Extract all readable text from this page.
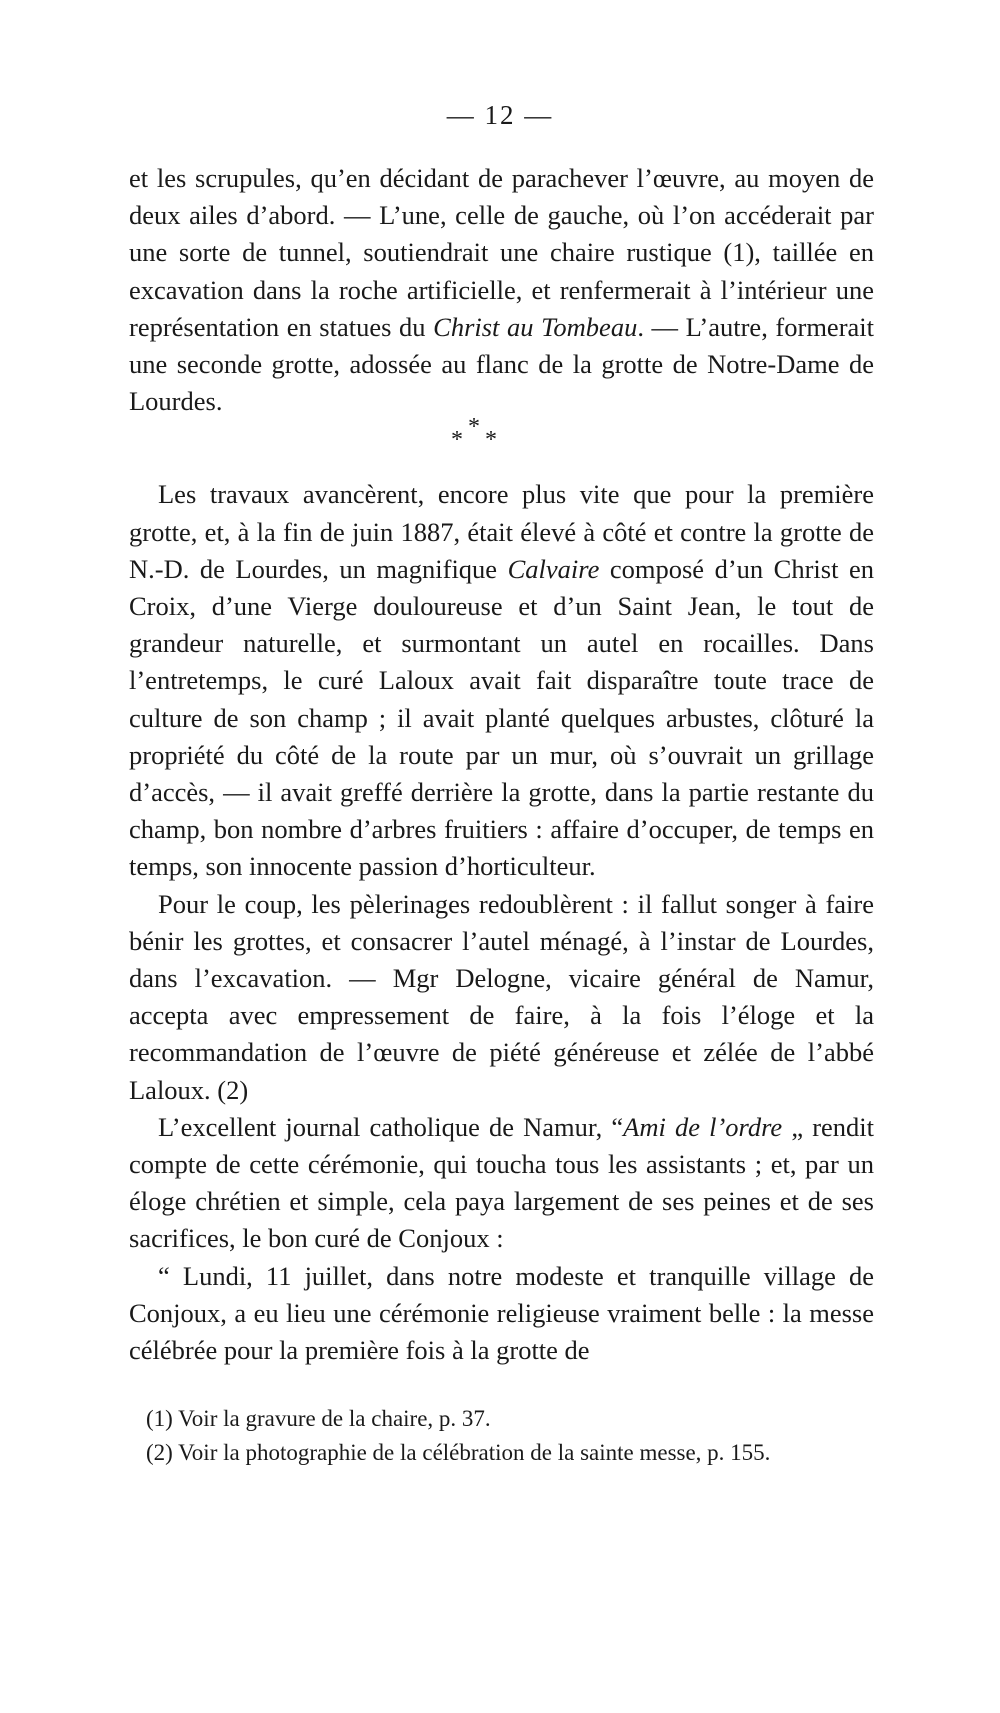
— 12 —

et les scrupules, qu’en décidant de parachever l’œuvre, au moyen de deux ailes d’abord. — L’une, celle de gauche, où l’on accéderait par une sorte de tunnel, soutiendrait une chaire rustique (1), taillée en excavation dans la roche artificielle, et renfermerait à l’intérieur une représentation en statues du Christ au Tombeau. — L’autre, formerait une seconde grotte, adossée au flanc de la grotte de Notre-Dame de Lourdes.

* * *

Les travaux avancèrent, encore plus vite que pour la première grotte, et, à la fin de juin 1887, était élevé à côté et contre la grotte de N.-D. de Lourdes, un magnifique Calvaire composé d’un Christ en Croix, d’une Vierge douloureuse et d’un Saint Jean, le tout de grandeur naturelle, et surmontant un autel en rocailles. Dans l’entretemps, le curé Laloux avait fait disparaître toute trace de culture de son champ ; il avait planté quelques arbustes, clôturé la propriété du côté de la route par un mur, où s’ouvrait un grillage d’accès, — il avait greffé derrière la grotte, dans la partie restante du champ, bon nombre d’arbres fruitiers : affaire d’occuper, de temps en temps, son innocente passion d’horticulteur.

Pour le coup, les pèlerinages redoublèrent : il fallut songer à faire bénir les grottes, et consacrer l’autel ménagé, à l’instar de Lourdes, dans l’excavation. — Mgr Delogne, vicaire général de Namur, accepta avec empressement de faire, à la fois l’éloge et la recommandation de l’œuvre de piété généreuse et zélée de l’abbé Laloux. (2)

L’excellent journal catholique de Namur, “Ami de l’ordre „ rendit compte de cette cérémonie, qui toucha tous les assistants ; et, par un éloge chrétien et simple, cela paya largement de ses peines et de ses sacrifices, le bon curé de Conjoux :

“ Lundi, 11 juillet, dans notre modeste et tranquille village de Conjoux, a eu lieu une cérémonie religieuse vraiment belle : la messe célébrée pour la première fois à la grotte de

(1) Voir la gravure de la chaire, p. 37.

(2) Voir la photographie de la célébration de la sainte messe, p. 155.
